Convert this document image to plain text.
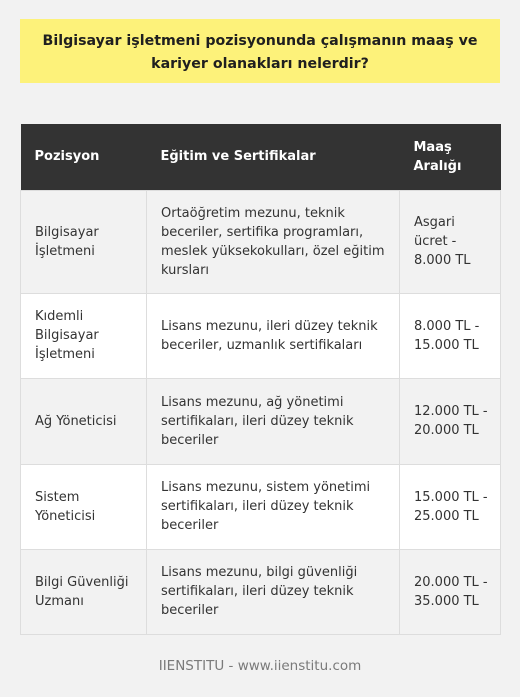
Bilgisayar işletmeni pozisyonunda çalışmanın maaş ve kariyer olanakları nelerdir?
Pozisyon	Eğitim ve Sertifikalar	Maaş Aralığı
Bilgisayar İşletmeni	Ortaöğretim mezunu, teknik beceriler, sertifika programları, meslek yüksekokulları, özel eğitim kursları	Asgari ücret - 8.000 TL
Kıdemli Bilgisayar İşletmeni	Lisans mezunu, ileri düzey teknik beceriler, uzmanlık sertifikaları	8.000 TL - 15.000 TL
Ağ Yöneticisi	Lisans mezunu, ağ yönetimi sertifikaları, ileri düzey teknik beceriler	12.000 TL - 20.000 TL
Sistem Yöneticisi	Lisans mezunu, sistem yönetimi sertifikaları, ileri düzey teknik beceriler	15.000 TL - 25.000 TL
Bilgi Güvenliği Uzmanı	Lisans mezunu, bilgi güvenliği sertifikaları, ileri düzey teknik beceriler	20.000 TL - 35.000 TL
IIENSTITU - www.iienstitu.com
